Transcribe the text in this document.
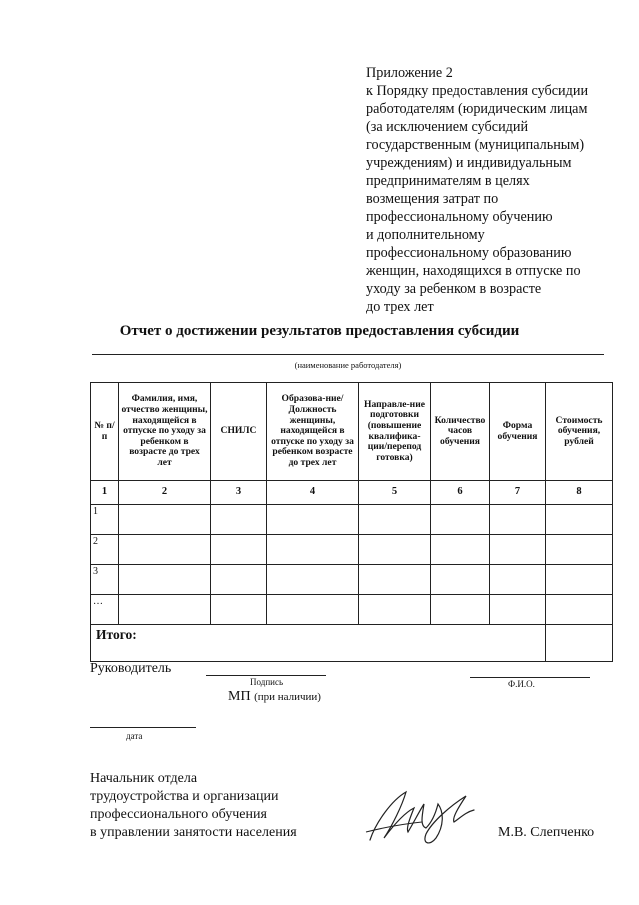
Приложение 2
к Порядку предоставления субсидии
работодателям (юридическим лицам
(за исключением субсидий
государственным (муниципальным)
учреждениям) и индивидуальным
предпринимателям в целях
возмещения затрат по
профессиональному обучению
и дополнительному
профессиональному образованию
женщин, находящихся в отпуске по
уходу за ребенком в возрасте
до трех лет
Отчет о достижении результатов предоставления субсидии
(наименование работодателя)
№ п/п	Фамилия, имя, отчество женщины, находящейся в отпуске по уходу за ребенком в возрасте до трех лет	СНИЛС	Образова-ние/Должность женщины, находящейся в отпуске по уходу за ребенком возрасте до трех лет	Направле-ние подготовки (повышение квалифика-ции/перепод готовка)	Количество часов обучения	Форма обучения	Стоимость обучения, рублей
1	2	3	4	5	6	7	8
1							
2							
3							
…							
Итого:							
Руководитель
Подпись	Ф.И.О.
МП (при наличии)
дата
Начальник отдела
трудоустройства и организации
профессионального обучения
в управлении занятости населения	М.В. Слепченко
